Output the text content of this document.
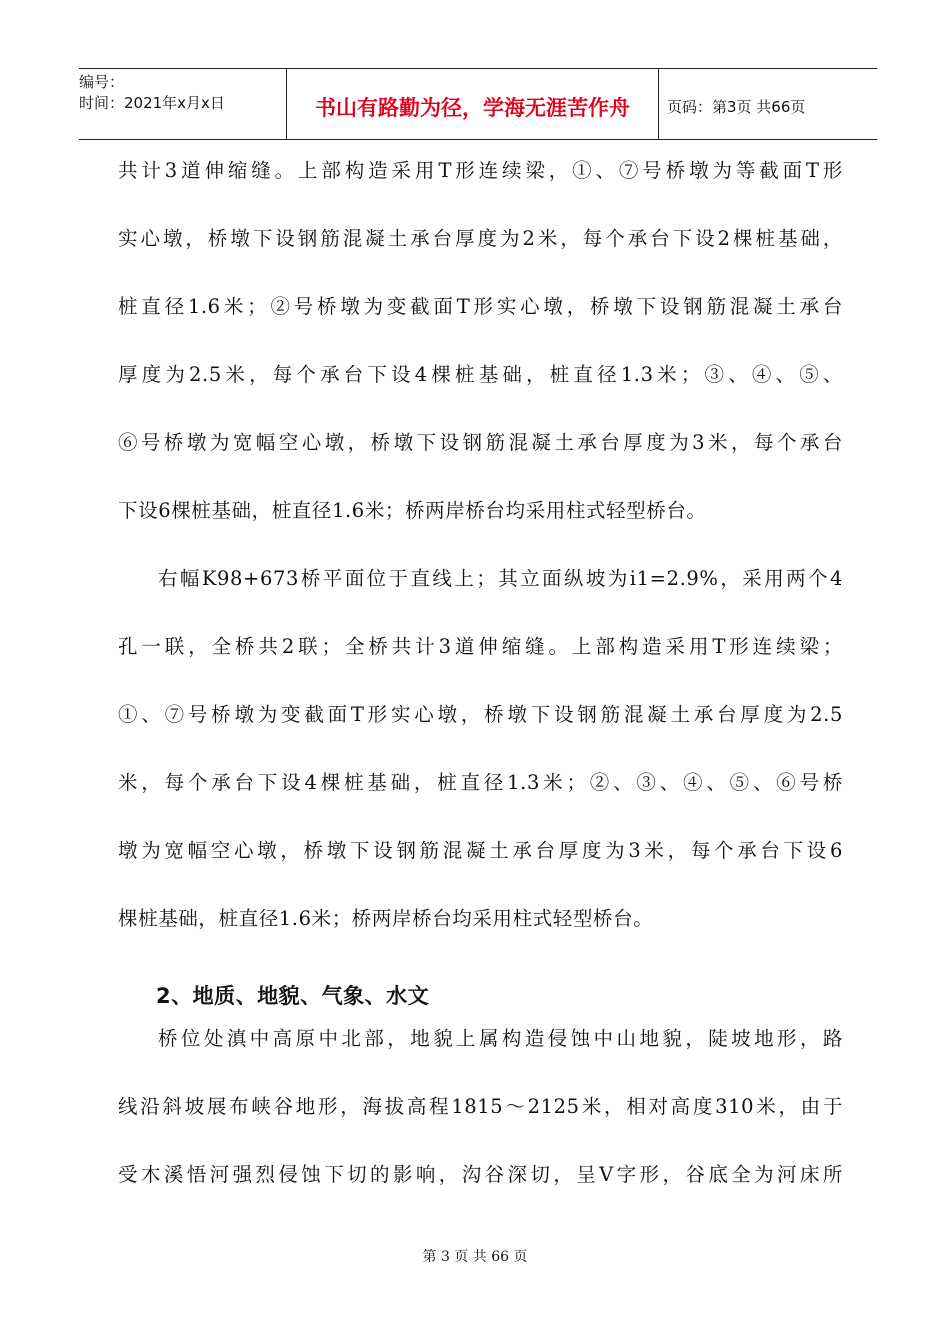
编号：
时间：2021年x月x日	书山有路勤为径，学海无涯苦作舟	页码：第3页 共66页
共计3道伸缩缝。上部构造采用T形连续梁，①、⑦号桥墩为等截面T形
实心墩，桥墩下设钢筋混凝土承台厚度为2米，每个承台下设2棵桩基础，
桩直径1.6米；②号桥墩为变截面T形实心墩，桥墩下设钢筋混凝土承台
厚度为2.5米，每个承台下设4棵桩基础，桩直径1.3米；③、④、⑤、
⑥号桥墩为宽幅空心墩，桥墩下设钢筋混凝土承台厚度为3米，每个承台
下设6棵桩基础，桩直径1.6米；桥两岸桥台均采用柱式轻型桥台。
右幅K98+673桥平面位于直线上；其立面纵坡为i1=2.9%，采用两个4
孔一联，全桥共2联；全桥共计3道伸缩缝。上部构造采用T形连续梁；
①、⑦号桥墩为变截面T形实心墩，桥墩下设钢筋混凝土承台厚度为2.5
米，每个承台下设4棵桩基础，桩直径1.3米；②、③、④、⑤、⑥号桥
墩为宽幅空心墩，桥墩下设钢筋混凝土承台厚度为3米，每个承台下设6
棵桩基础，桩直径1.6米；桥两岸桥台均采用柱式轻型桥台。
2、地质、地貌、气象、水文
桥位处滇中高原中北部，地貌上属构造侵蚀中山地貌，陡坡地形，路
线沿斜坡展布峡谷地形，海拔高程1815～2125米，相对高度310米，由于
受木溪悟河强烈侵蚀下切的影响，沟谷深切，呈V字形，谷底全为河床所
第 3 页 共 66 页
